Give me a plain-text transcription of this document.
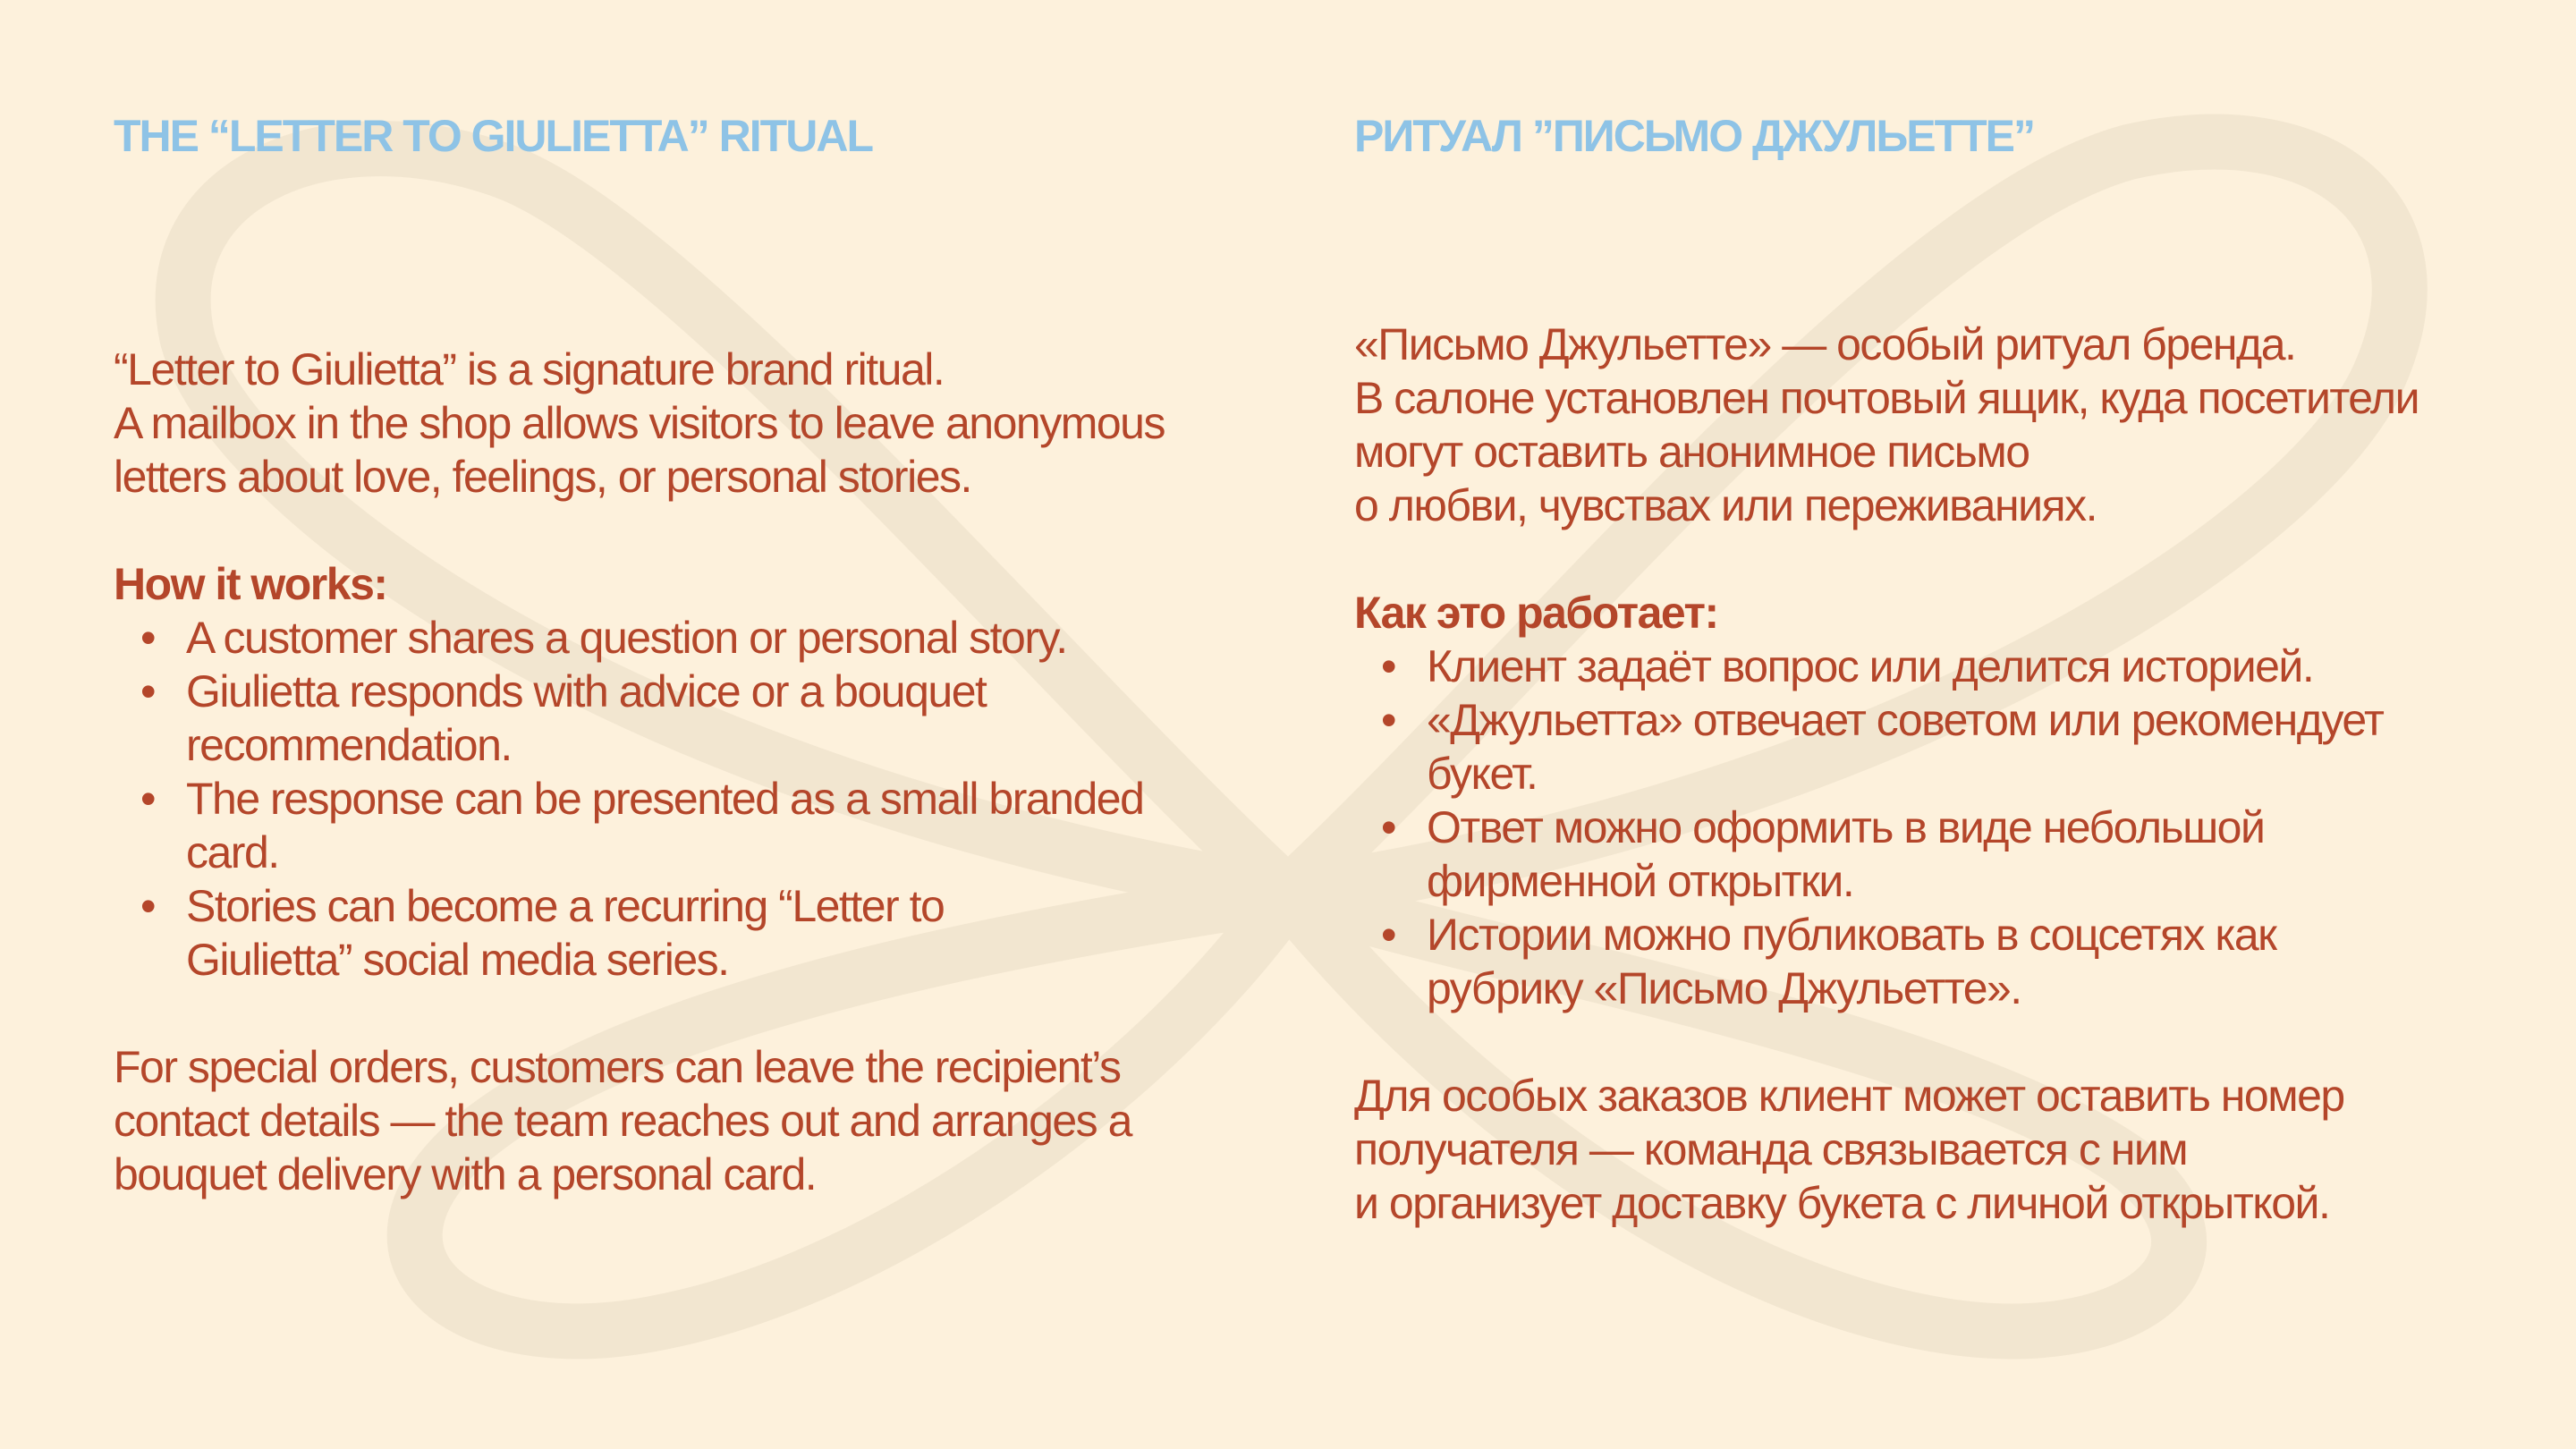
THE “LETTER TO GIULIETTA” RITUAL

“Letter to Giulietta” is a signature brand ritual.

A mailbox in the shop allows visitors to leave anonymous

letters about love, feelings, or personal stories.

How it works:

• A customer shares a question or personal story.
• Giulietta responds with advice or a bouquet
recommendation.
• The response can be presented as a small branded
card.
• Stories can become a recurring “Letter to
Giulietta” social media series.

For special orders, customers can leave the recipient’s

contact details — the team reaches out and arranges a

bouquet delivery with a personal card.

РИТУАЛ ”ПИСЬМО ДЖУЛЬЕТТЕ”

«Письмо Джульетте» — особый ритуал бренда.

В салоне установлен почтовый ящик, куда посетители

могут оставить анонимное письмо

о любви, чувствах или переживаниях.

Как это работает:

• Клиент задаёт вопрос или делится историей.
• «Джульетта» отвечает советом или рекомендует
букет.
• Ответ можно оформить в виде небольшой
фирменной открытки.
• Истории можно публиковать в соцсетях как
рубрику «Письмо Джульетте».

Для особых заказов клиент может оставить номер

получателя — команда связывается с ним

и организует доставку букета с личной открыткой.
